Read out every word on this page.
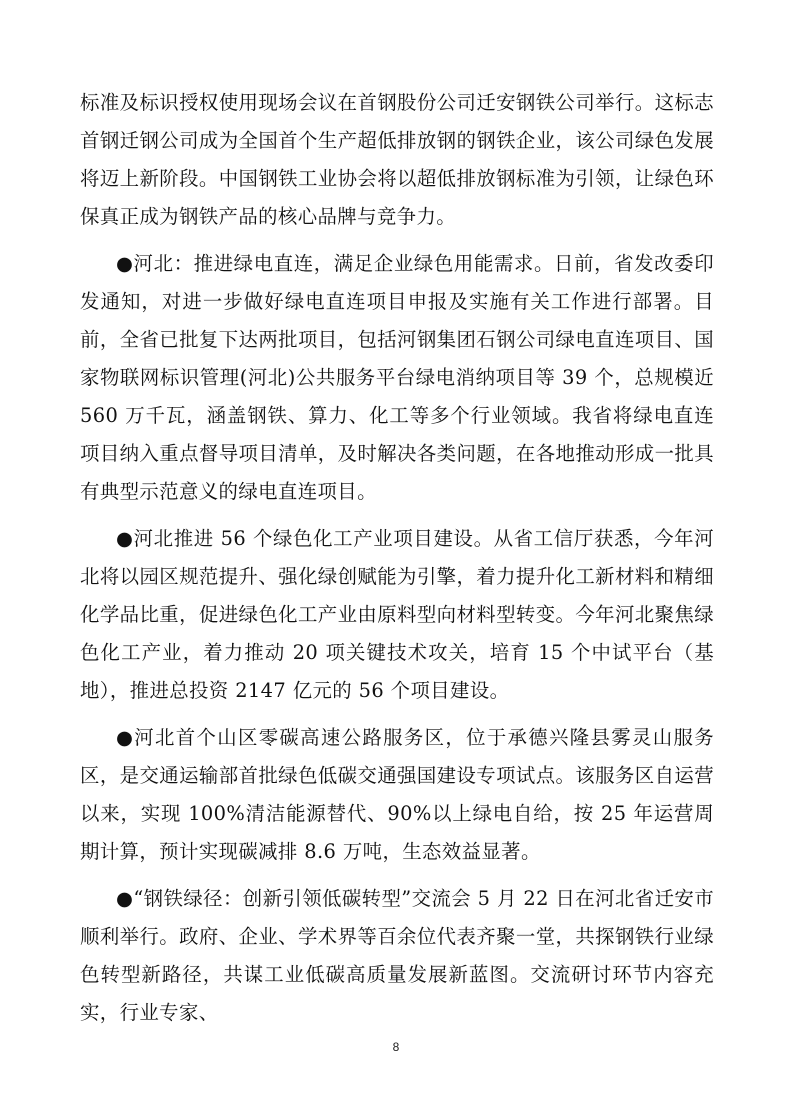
标准及标识授权使用现场会议在首钢股份公司迁安钢铁公司举行。这标志首钢迁钢公司成为全国首个生产超低排放钢的钢铁企业，该公司绿色发展将迈上新阶段。中国钢铁工业协会将以超低排放钢标准为引领，让绿色环保真正成为钢铁产品的核心品牌与竞争力。

●河北：推进绿电直连，满足企业绿色用能需求。日前，省发改委印发通知，对进一步做好绿电直连项目申报及实施有关工作进行部署。目前，全省已批复下达两批项目，包括河钢集团石钢公司绿电直连项目、国家物联网标识管理(河北)公共服务平台绿电消纳项目等 39 个，总规模近 560 万千瓦，涵盖钢铁、算力、化工等多个行业领域。我省将绿电直连项目纳入重点督导项目清单，及时解决各类问题，在各地推动形成一批具有典型示范意义的绿电直连项目。

●河北推进 56 个绿色化工产业项目建设。从省工信厅获悉，今年河北将以园区规范提升、强化绿创赋能为引擎，着力提升化工新材料和精细化学品比重，促进绿色化工产业由原料型向材料型转变。今年河北聚焦绿色化工产业，着力推动 20 项关键技术攻关，培育 15 个中试平台（基地），推进总投资 2147 亿元的 56 个项目建设。

●河北首个山区零碳高速公路服务区，位于承德兴隆县雾灵山服务区，是交通运输部首批绿色低碳交通强国建设专项试点。该服务区自运营以来，实现 100%清洁能源替代、90%以上绿电自给，按 25 年运营周期计算，预计实现碳减排 8.6 万吨，生态效益显著。

●“钢铁绿径：创新引领低碳转型”交流会 5 月 22 日在河北省迁安市顺利举行。政府、企业、学术界等百余位代表齐聚一堂，共探钢铁行业绿色转型新路径，共谋工业低碳高质量发展新蓝图。交流研讨环节内容充实，行业专家、

8
